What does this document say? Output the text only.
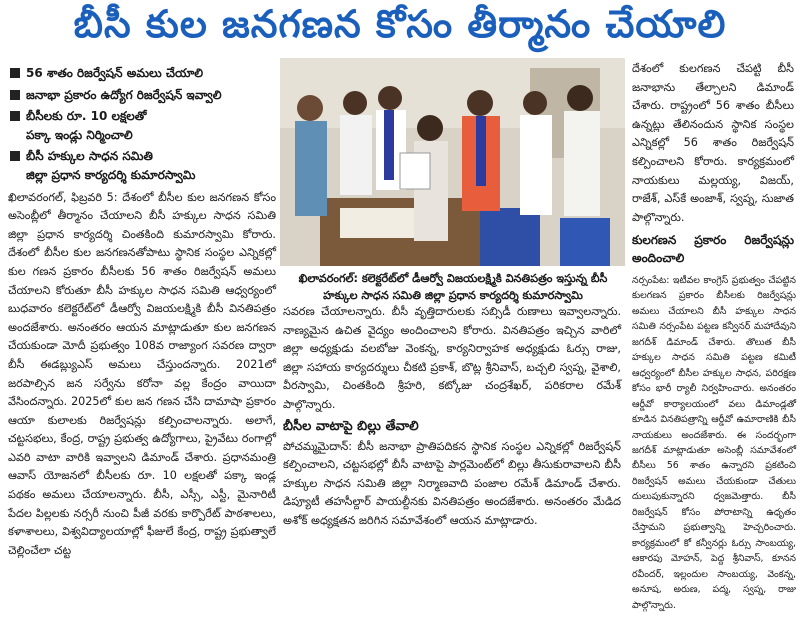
బీసీ కుల జనగణన కోసం తీర్మానం చేయాలి
56 శాతం రిజర్వేషన్ అమలు చేయాలి
జనాభా ప్రకారం ఉద్యోగ రిజర్వేషన్ ఇవ్వాలి
బీసీలకు రూ. 10 లక్షలతో
పక్కా ఇండ్లు నిర్మించాలి
బీసీ హక్కుల సాధన సమితి
జిల్లా ప్రధాన కార్యదర్శి కుమారస్వామి

ఖిలావరంగల్, ఫిబ్రవరి 5: దేశంలో బీసీల కుల జనగణన కోసం అసెంబ్లీలో తీర్మానం చేయాలని బీసీ హక్కుల సాధన సమితి జిల్లా ప్రధాన కార్యదర్శి చింతకింది కుమారస్వామి కోరారు. దేశంలో బీసీల కుల జనగణనతోపాటు స్థానిక సంస్థల ఎన్నికల్లో కుల గణన ప్రకారం బీసీలకు 56 శాతం రిజర్వేషన్ అమలు చేయాలని కోరుతూ బీసీ హక్కుల సాధన సమితి ఆధ్వర్యంలో బుధవారం కలెక్టరేట్‌లో డీఆర్వో విజయలక్ష్మికి బీసీ వినతిపత్రం అందజేశారు. అనంతరం ఆయన మాట్లాడుతూ కుల జనగణన చేయకుండా మోదీ ప్రభుత్వం 108వ రాజ్యాంగ సవరణ ద్వారా బీసీ ఈడబ్ల్యుఎస్ అమలు చేస్తుందన్నారు. 2021లో జరపాల్సిన జన సర్వేను కరోనా వల్ల కేంద్రం వాయిదా వేసిందన్నారు. 2025లో కుల జన గణన చేసి దామాషా ప్రకారం ఆయా కులాలకు రిజర్వేషన్లు కల్పించాలన్నారు. అలాగే, చట్టసభలు, కేంద్ర, రాష్ట్ర ప్రభుత్వ ఉద్యోగాలు, ప్రైవేటు రంగాల్లో ఎవరి వాటా వారికి ఇవ్వాలని డిమాండ్ చేశారు. ప్రధానమంత్రి ఆవాస్ యోజనలో బీసీలకు రూ. 10 లక్షలతో పక్కా ఇండ్ల పథకం అమలు చేయాలన్నారు. బీసీ, ఎస్సీ, ఎస్టీ, మైనారిటీ పేదల పిల్లలకు నర్సరీ నుంచి పీజీ వరకు కార్పొరేట్ పాఠశాలలు, కళాశాలలు, విశ్వవిద్యాలయాల్లో ఫీజులే కేంద్ర, రాష్ట్ర ప్రభుత్వాలే చెల్లించేలా చట్ట

ఖిలావరంగల్: కలెక్టరేట్‌లో డీఆర్వో విజయలక్ష్మికి వినతిపత్రం ఇస్తున్న బీసీ హక్కుల సాధన సమితి జిల్లా ప్రధాన కార్యదర్శి కుమారస్వామి

సవరణ చేయాలన్నారు. బీసీ వృత్తిదారులకు సబ్సిడీ రుణాలు ఇవ్వాలన్నారు. నాణ్యమైన ఉచిత వైద్యం అందించాలని కోరారు. వినతిపత్రం ఇచ్చిన వారిలో జిల్లా అధ్యక్షుడు వలబోజు వెంకన్న, కార్యనిర్వాహక అధ్యక్షుడు ఓర్సు రాజు, జిల్లా సహాయ కార్యదర్శులు చీకటి ప్రకాశ్, బొట్ల శ్రీనివాస్, బచ్చలి స్వప్న, వైశాలి, వీరస్వామి, చింతకింది శ్రీహరి, కట్కోజు చంద్రశేఖర్, పరికరాల రమేశ్ పాల్గొన్నారు.

బీసీల వాటాపై బిల్లు తేవాలి

పోచమ్మమైదాన్: బీసీ జనాభా ప్రాతిపదికన స్థానిక సంస్థల ఎన్నికల్లో రిజర్వేషన్ కల్పించాలని, చట్టసభల్లో బీసీ వాటాపై పార్లమెంట్‌లో బిల్లు తీసుకురావాలని బీసీ హక్కుల సాధన సమితి జిల్లా నిర్మాణవాది పంజాల రమేశ్ డిమాండ్ చేశారు. డిప్యూటీ తహసీల్దార్ పాయల్దీనకు వినతిపత్రం అందజేశారు. అనంతరం మేడిద అశోక్ అధ్యక్షతన జరిగిన సమావేశంలో ఆయన మాట్లాడారు.

దేశంలో కులగణన చేపట్టి బీసీ జనాభాను తేల్చాలని డిమాండ్ చేశారు. రాష్ట్రంలో 56 శాతం బీసీలు ఉన్నట్లు తేలినందున స్థానిక సంస్థల ఎన్నికల్లో 56 శాతం రిజర్వేషన్ కల్పించాలని కోరారు. కార్యక్రమంలో నాయకులు మల్లయ్య, విజయ్, రాజేశ్, ఎస్‌కే అంజాశ్, స్వప్న, సుజాత పాల్గొన్నారు.

కులగణన ప్రకారం రిజర్వేషన్లు అందించాలి

నర్సంపేట: ఇటీవల కాంగ్రెస్ ప్రభుత్వం చేపట్టిన కులగణన ప్రకారం బీసీలకు రిజర్వేషన్లు అమలు చేయాలని బీసీ హక్కుల సాధన సమితి నర్సంపేట పట్టణ కన్వీనర్ మహాదేవుని జగదీశ్ డిమాండ్ చేశారు. తొలుత బీసీ హక్కుల సాధన సమితి పట్టణ కమిటీ ఆధ్వర్యంలో బీసీల హక్కుల సాధన, పరిరక్షణ కోసం భారీ ర్యాలీ నిర్వహించారు. అనంతరం ఆర్డీవో కార్యాలయంలో వలు డిమాండ్లతో కూడిన వినతిపత్రాన్ని ఆర్డీవో ఉమారాణికి బీసీ నాయకులు అందజేశారు. ఈ సందర్భంగా జగదీశ్ మాట్లాడుతూ అసెంబ్లీ సమావేశంలో బీసీలు 56 శాతం ఉన్నారని ప్రకటించి రిజర్వేషన్ అమలు చేయకుండా చేతులు దులుపుకున్నారని ధ్వజమెత్తారు. బీసీ రిజర్వేషన్ కోసం పోరాటాన్ని ఉధృతం చేస్తామని ప్రభుత్వాన్ని హెచ్చరించారు. కార్యక్రమంలో కో కన్వీనర్లు ఓర్సు సాంబయ్య, ఆకారపు మోహన్, పెద్ద శ్రీనివాస్, కూనన రవీందర్, ఇల్లందుల సాంబయ్య, వెంకన్న, అనూష, అరుణ, పద్మ, స్వప్న, రాజు పాల్గొన్నారు.
